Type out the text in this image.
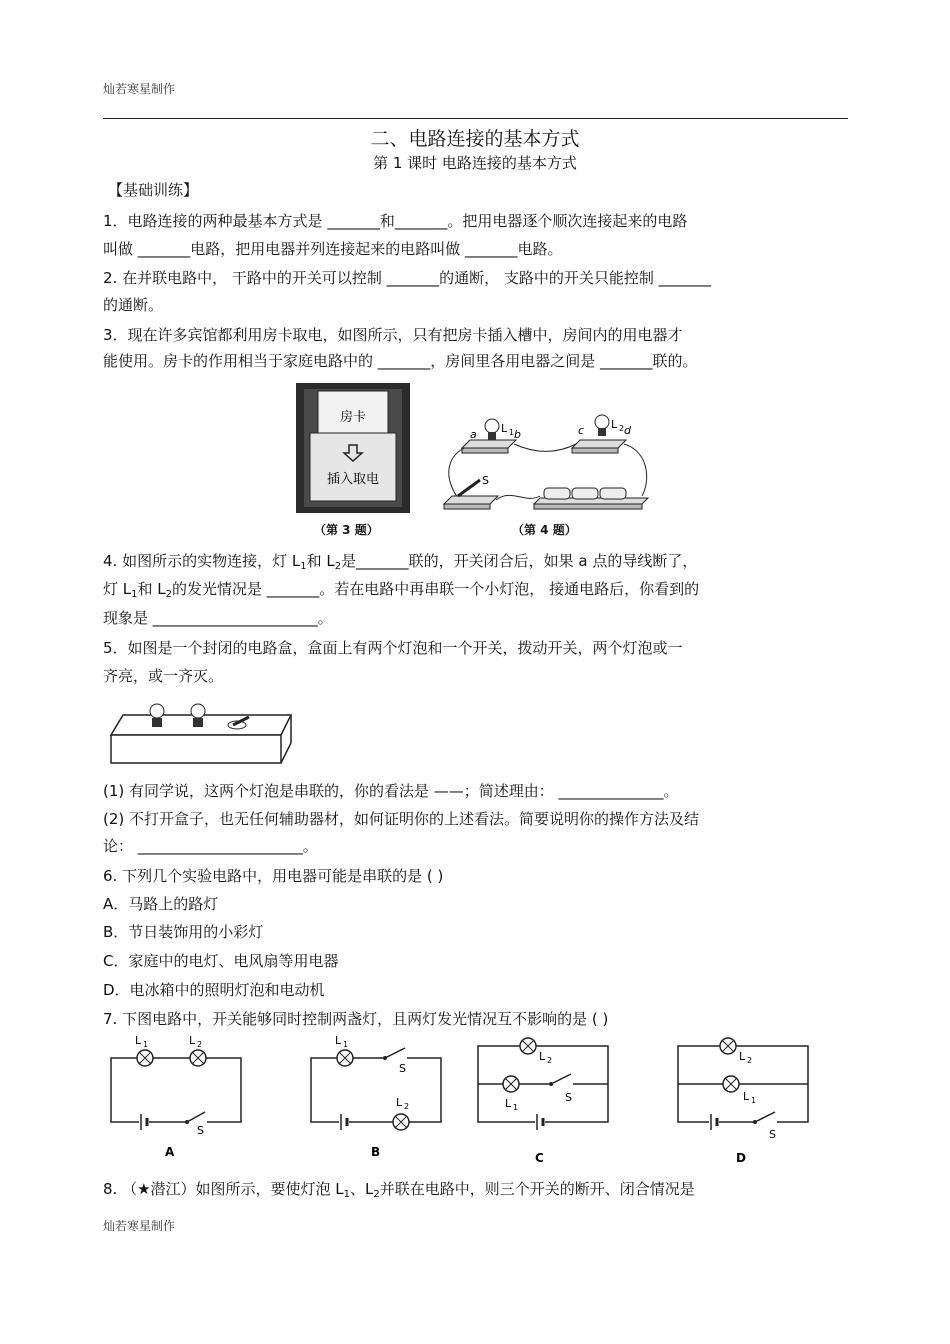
灿若寒星制作
灿若寒星制作
二、电路连接的基本方式
第 1 课时 电路连接的基本方式
【基础训练】
1．电路连接的两种最基本方式是 _______和_______。把用电器逐个顺次连接起来的电路
叫做 _______电路，把用电器并列连接起来的电路叫做 _______电路。
2. 在并联电路中， 干路中的开关可以控制 _______的通断， 支路中的开关只能控制 _______
的通断。
3．现在许多宾馆都利用房卡取电，如图所示，只有把房卡插入槽中，房间内的用电器才
能使用。房卡的作用相当于家庭电路中的 _______，房间里各用电器之间是 _______联的。
房卡
插入取电
（第 3 题）
a L 1 b	c L 2 d
S
（第 4 题）
4. 如图所示的实物连接，灯 $L_1$和 $L_2$是_______联的，开关闭合后，如果 a 点的导线断了，
灯 $L_1$和 $L_2$的发光情况是 _______。若在电路中再串联一个小灯泡， 接通电路后，你看到的
现象是 ______________________。
5．如图是一个封闭的电路盒，盒面上有两个灯泡和一个开关，拨动开关，两个灯泡或一
齐亮，或一齐灭。
(1) 有同学说，这两个灯泡是串联的，你的看法是 ——；简述理由： ______________。
(2) 不打开盒子，也无任何辅助器材，如何证明你的上述看法。简要说明你的操作方法及结
论： ______________________。
6. 下列几个实验电路中，用电器可能是串联的是 ( )
A．马路上的路灯
B．节日装饰用的小彩灯
C．家庭中的电灯、电风扇等用电器
D．电冰箱中的照明灯泡和电动机
7. 下图电路中，开关能够同时控制两盏灯，且两灯发光情况互不影响的是 ( )
L 1	L 2
S
A
L 1
S
L 2
B
L 2
L 1
S
C
L 2
L 1
S
D
8. （★潜江）如图所示，要使灯泡 $L_1$、$L_2$并联在电路中，则三个开关的断开、闭合情况是
